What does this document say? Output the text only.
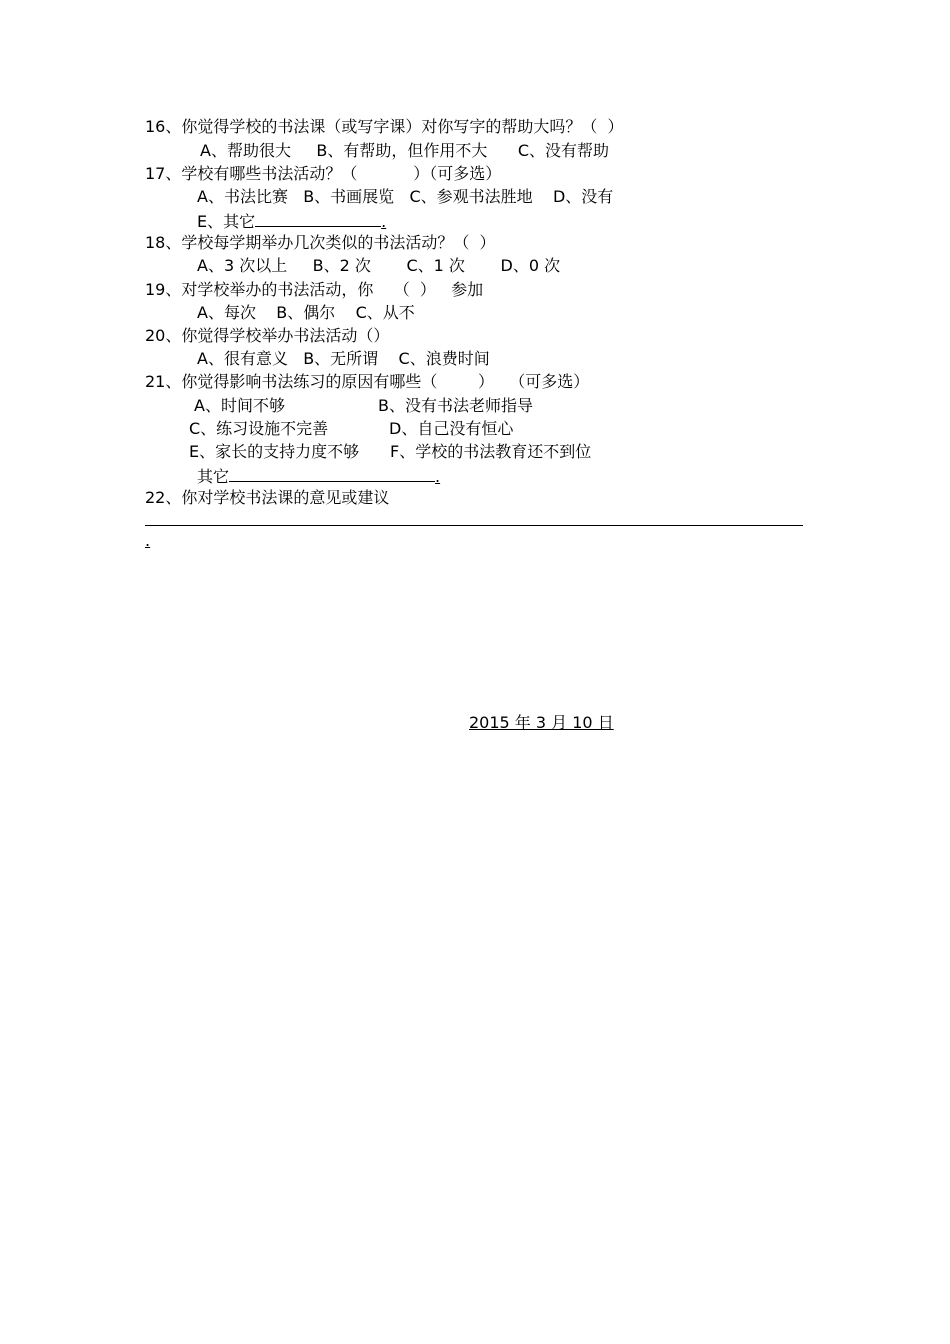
16、你觉得学校的书法课（或写字课）对你写字的帮助大吗？（  ）
A、帮助很大     B、有帮助，但作用不大      C、没有帮助
17、学校有哪些书法活动？（           ）（可多选）
A、书法比赛   B、书画展览   C、参观书法胜地    D、没有
E、其它	.
18、学校每学期举办几次类似的书法活动？（  ）
A、3 次以上     B、2 次       C、1 次       D、0 次
19、对学校举办的书法活动，你    （  ）   参加
A、每次    B、偶尔    C、从不
20、你觉得学校举办书法活动（）
A、很有意义   B、无所谓    C、浪费时间
21、你觉得影响书法练习的原因有哪些（        ）   （可多选）
A、时间不够	B、没有书法老师指导
C、练习设施不完善	D、自己没有恒心
E、家长的支持力度不够 F、学校的书法教育还不到位
其它	.
22、你对学校书法课的意见或建议
.
2015 年 3 月 10 日
